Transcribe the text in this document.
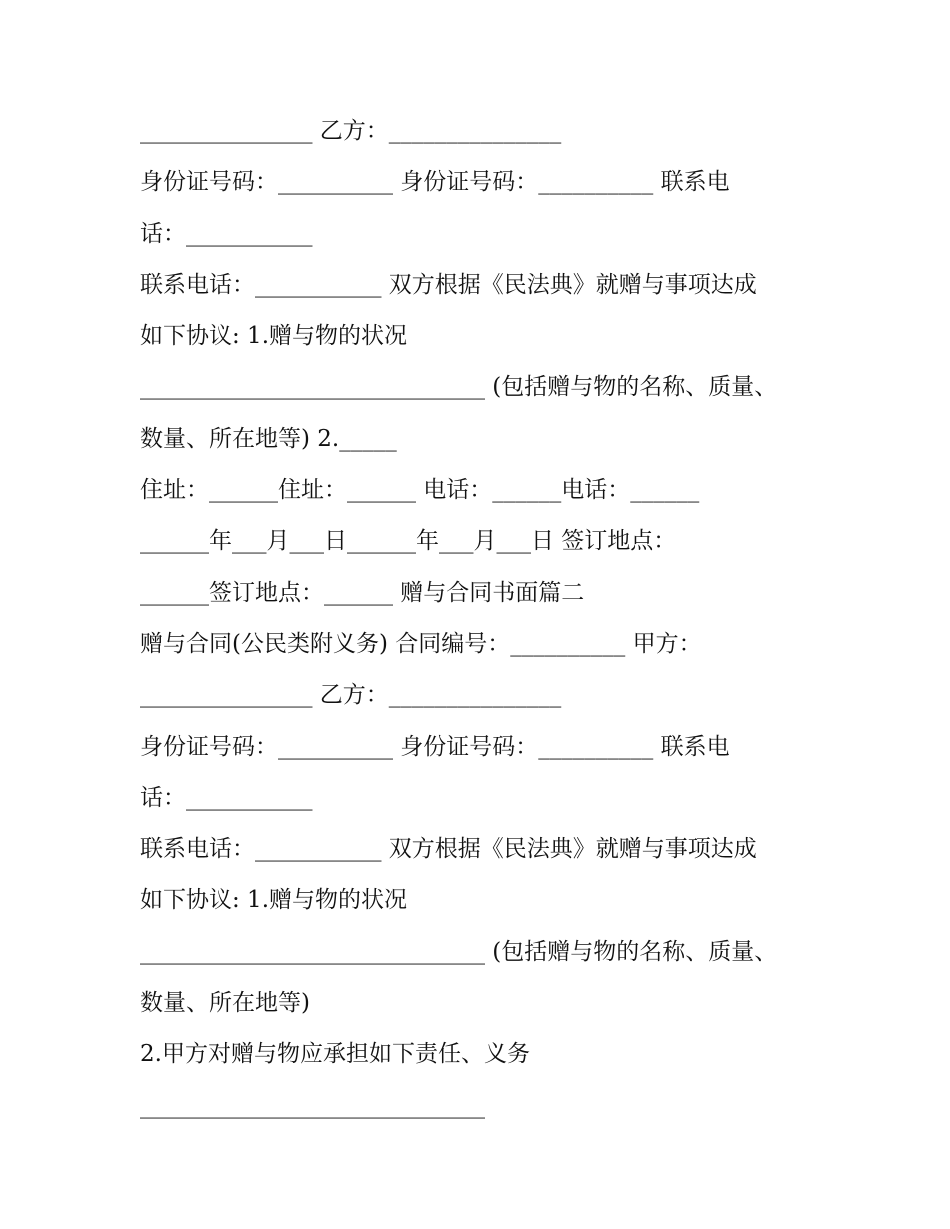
_______________ 乙方：_______________
身份证号码：__________ 身份证号码：__________ 联系电
话：___________
联系电话：___________ 双方根据《民法典》就赠与事项达成
如下协议: 1.赠与物的状况
______________________________ (包括赠与物的名称、质量、
数量、所在地等) 2._____
住址：______住址：______ 电话：______电话：______
______年___月___日______年___月___日 签订地点：
______签订地点：______ 赠与合同书面篇二
赠与合同(公民类附义务) 合同编号：__________ 甲方：
_______________ 乙方：_______________
身份证号码：__________ 身份证号码：__________ 联系电
话：___________
联系电话：___________ 双方根据《民法典》就赠与事项达成
如下协议: 1.赠与物的状况
______________________________ (包括赠与物的名称、质量、
数量、所在地等)
2.甲方对赠与物应承担如下责任、义务
______________________________
